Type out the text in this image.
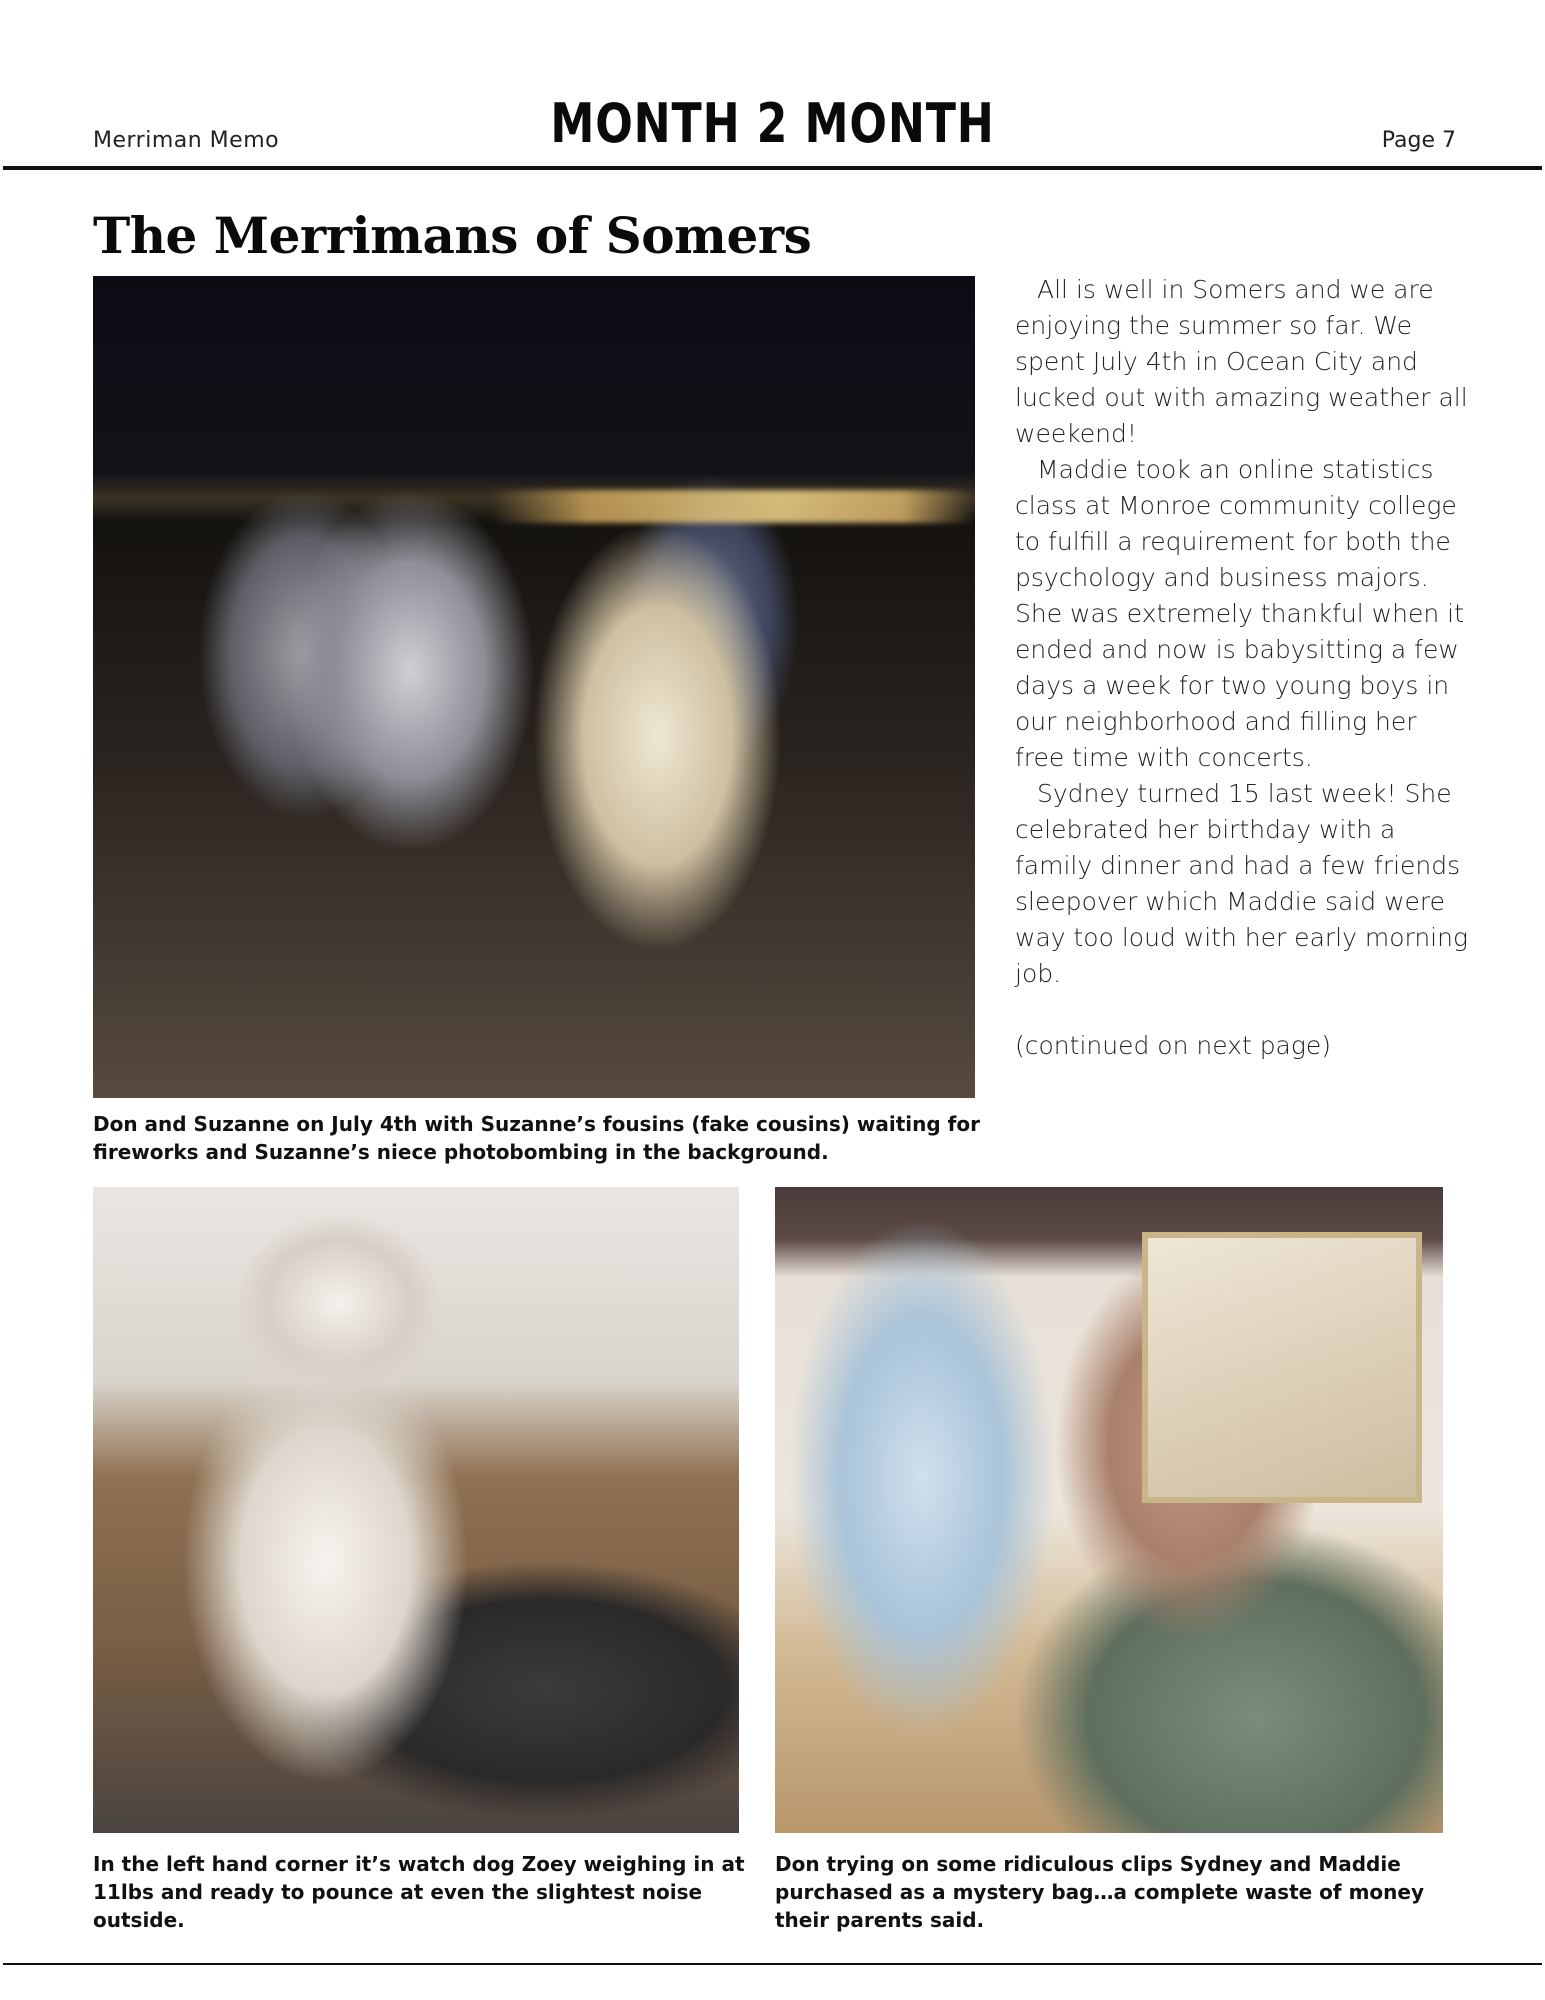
Merriman Memo	MONTH 2 MONTH	Page 7
The Merrimans of Somers
Don and Suzanne on July 4th with Suzanne’s fousins (fake cousins) waiting for fireworks and Suzanne’s niece photobombing in the background.

All is well in Somers and we are enjoying the summer so far. We spent July 4th in Ocean City and lucked out with amazing weather all weekend!

Maddie took an online statistics class at Monroe community college to fulfill a requirement for both the psychology and business majors. She was extremely thankful when it ended and now is babysitting a few days a week for two young boys in our neighborhood and filling her free time with concerts.

Sydney turned 15 last week! She celebrated her birthday with a family dinner and had a few friends sleepover which Maddie said were way too loud with her early morning job.

(continued on next page)

In the left hand corner it’s watch dog Zoey weighing in at 11lbs and ready to pounce at even the slightest noise outside.
Don trying on some ridiculous clips Sydney and Maddie purchased as a mystery bag…a complete waste of money their parents said.
